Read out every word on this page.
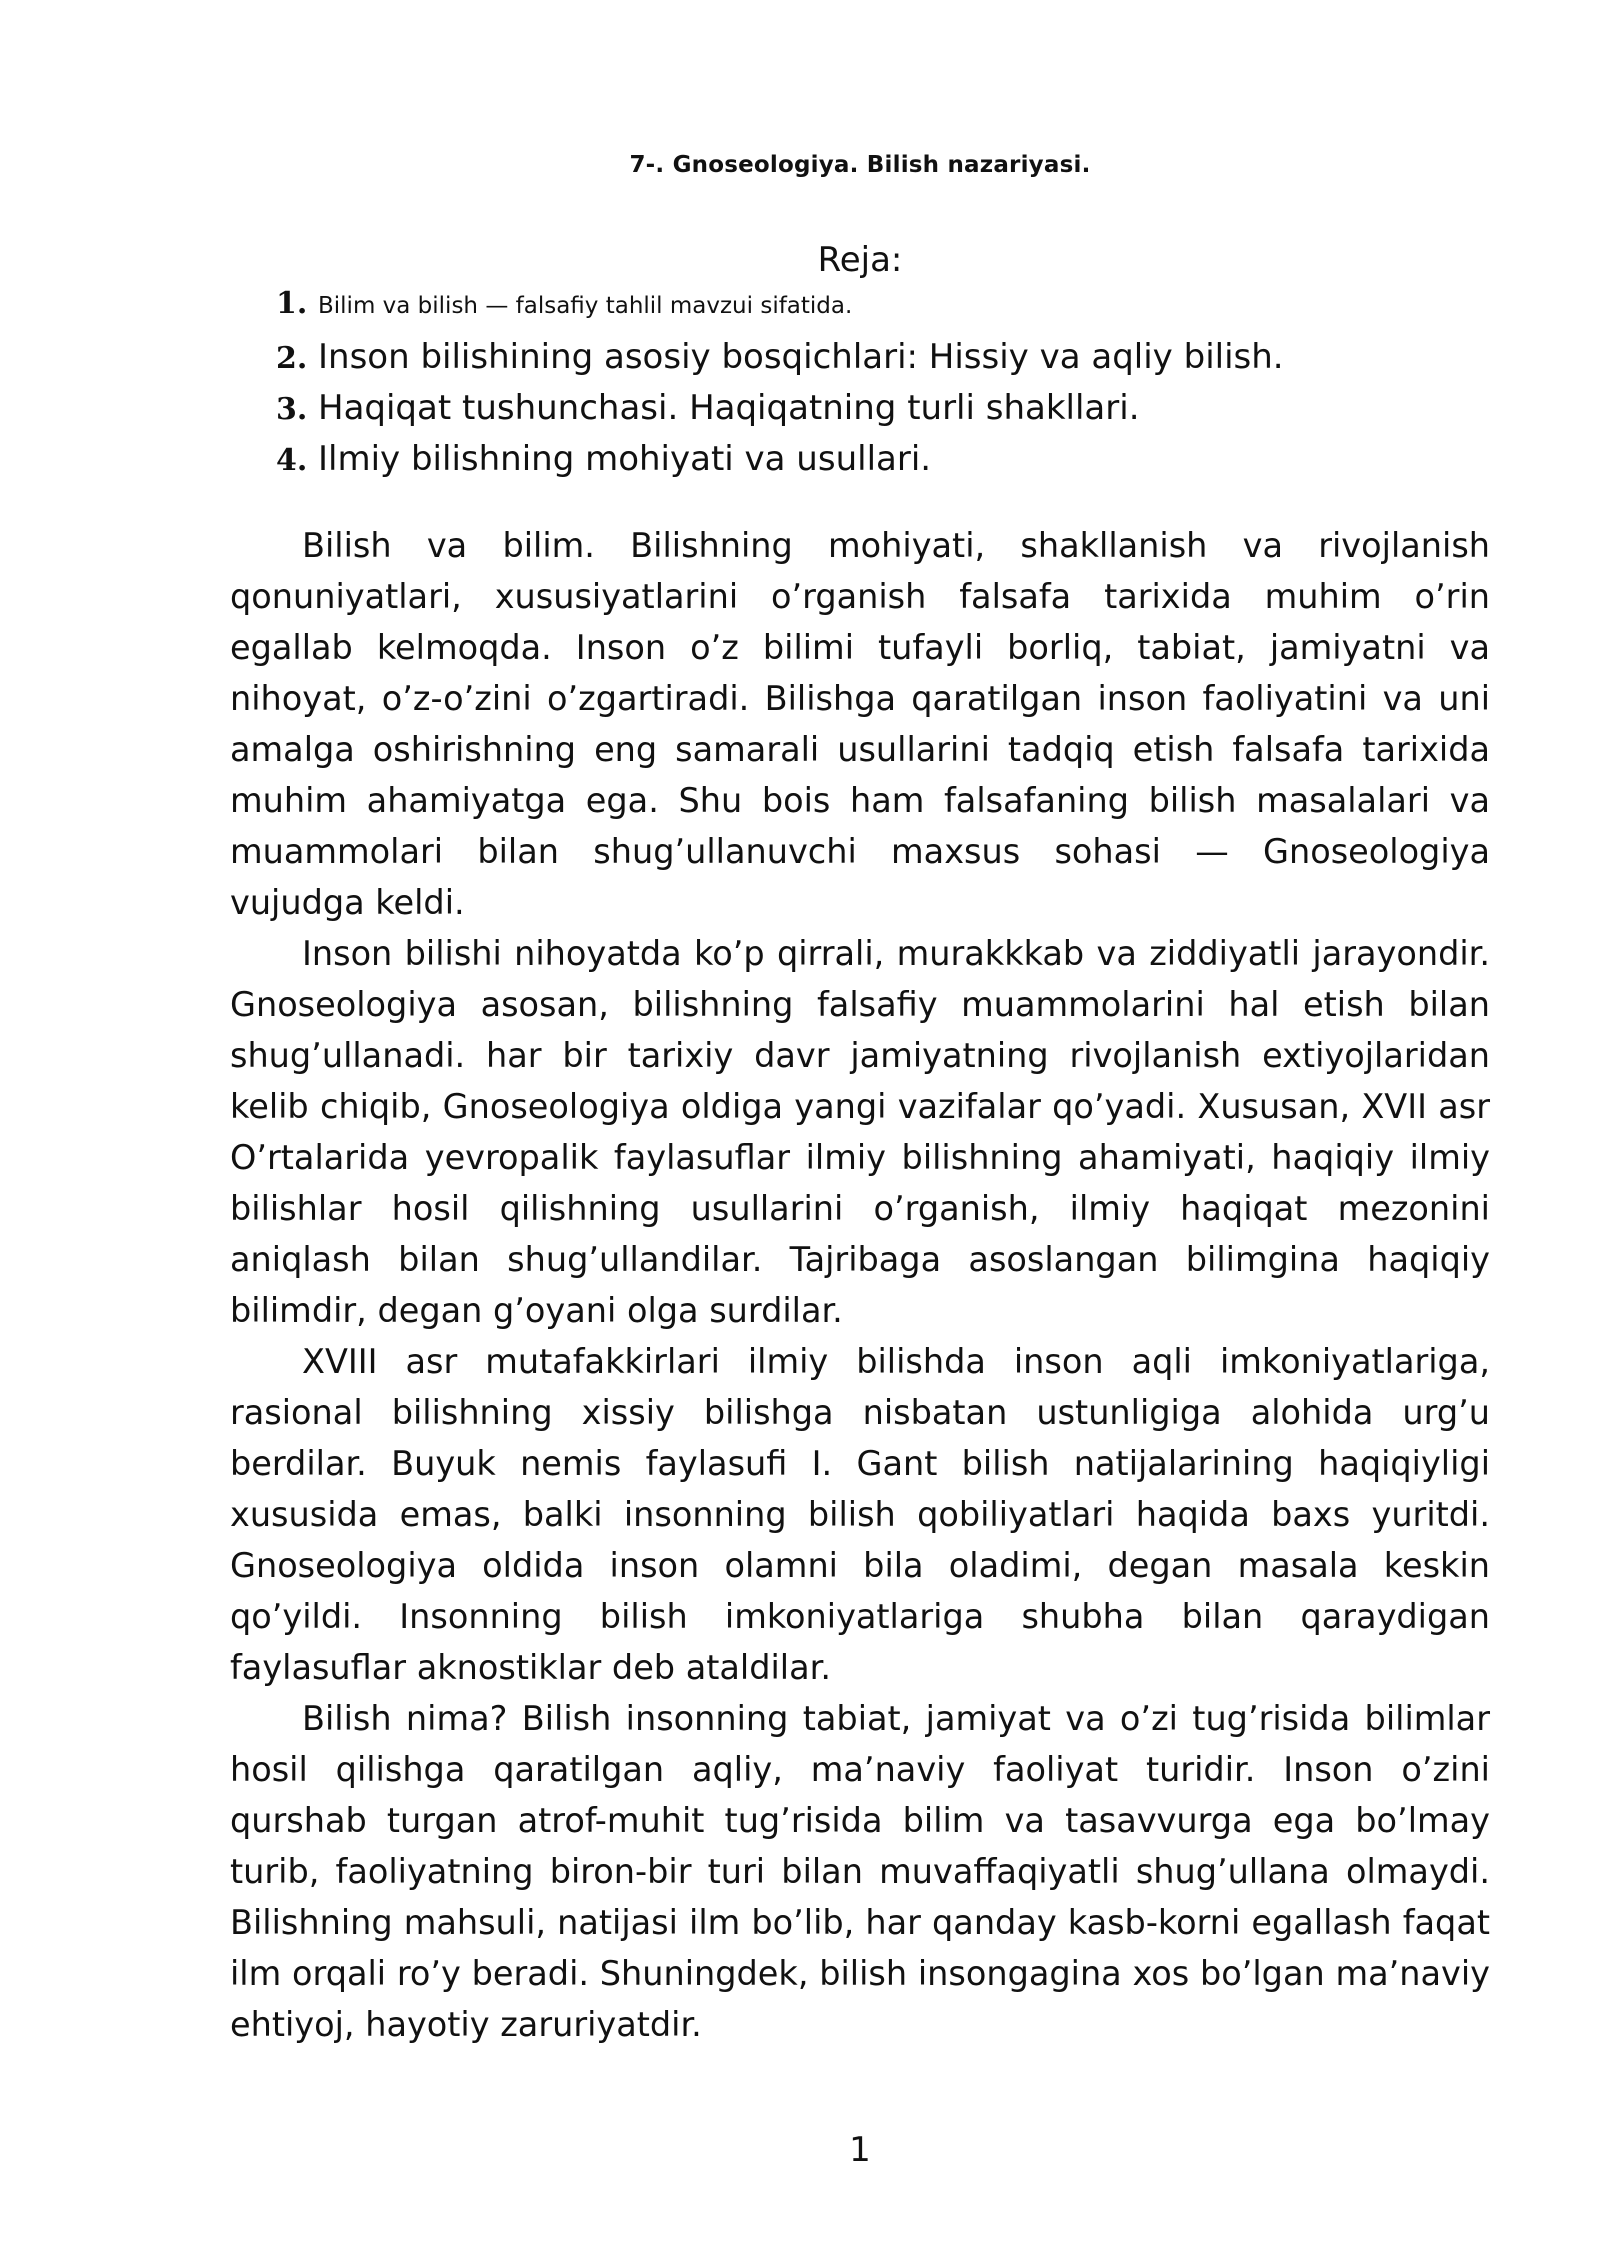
7-. Gnoseologiya. Bilish nazariyasi.
Reja:
1. Bilim va bilish — falsafiy tahlil mavzui sifatida.
2. Inson bilishining asosiy bosqichlari: Hissiy va aqliy bilish.
3. Haqiqat tushunchasi. Haqiqatning turli shakllari.
4. Ilmiy bilishning mohiyati va usullari.

Bilish va bilim. Bilishning mohiyati, shakllanish va rivojlanish qonuniyatlari, xususiyatlarini o’rganish falsafa tarixida muhim o’rin egallab kelmoqda. Inson o’z bilimi tufayli borliq, tabiat, jamiyatni va nihoyat, o’z-o’zini o’zgartiradi. Bilishga qaratilgan inson faoliyatini va uni amalga oshirishning eng samarali usullarini tadqiq etish falsafa tarixida muhim ahamiyatga ega. Shu bois ham falsafaning bilish masalalari va muammolari bilan shug’ullanuvchi maxsus sohasi — Gnoseologiya vujudga keldi.

Inson bilishi nihoyatda ko’p qirrali, murakkkab va ziddiyatli jarayondir. Gnoseologiya asosan, bilishning falsafiy muammolarini hal etish bilan shug’ullanadi. har bir tarixiy davr jamiyatning rivojlanish extiyojlaridan kelib chiqib, Gnoseologiya oldiga yangi vazifalar qo’yadi. Xususan, XVII asr O’rtalarida yevropalik faylasuflar ilmiy bilishning ahamiyati, haqiqiy ilmiy bilishlar hosil qilishning usullarini o’rganish, ilmiy haqiqat mezonini aniqlash bilan shug’ullandilar. Tajribaga asoslangan bilimgina haqiqiy bilimdir, degan g’oyani olga surdilar.

XVIII asr mutafakkirlari ilmiy bilishda inson aqli imkoniyatlariga, rasional bilishning xissiy bilishga nisbatan ustunligiga alohida urg’u berdilar. Buyuk nemis faylasufi I. Gant bilish natijalarining haqiqiyligi xususida emas, balki insonning bilish qobiliyatlari haqida baxs yuritdi. Gnoseologiya oldida inson olamni bila oladimi, degan masala keskin qo’yildi. Insonning bilish imkoniyatlariga shubha bilan qaraydigan faylasuflar aknostiklar deb ataldilar.

Bilish nima? Bilish insonning tabiat, jamiyat va o’zi tug’risida bilimlar hosil qilishga qaratilgan aqliy, ma’naviy faoliyat turidir. Inson o’zini qurshab turgan atrof-muhit tug’risida bilim va tasavvurga ega bo’lmay turib, faoliyatning biron-bir turi bilan muvaffaqiyatli shug’ullana olmaydi. Bilishning mahsuli, natijasi ilm bo’lib, har qanday kasb-korni egallash faqat ilm orqali ro’y beradi. Shuningdek, bilish insongagina xos bo’lgan ma’naviy ehtiyoj, hayotiy zaruriyatdir.

1
